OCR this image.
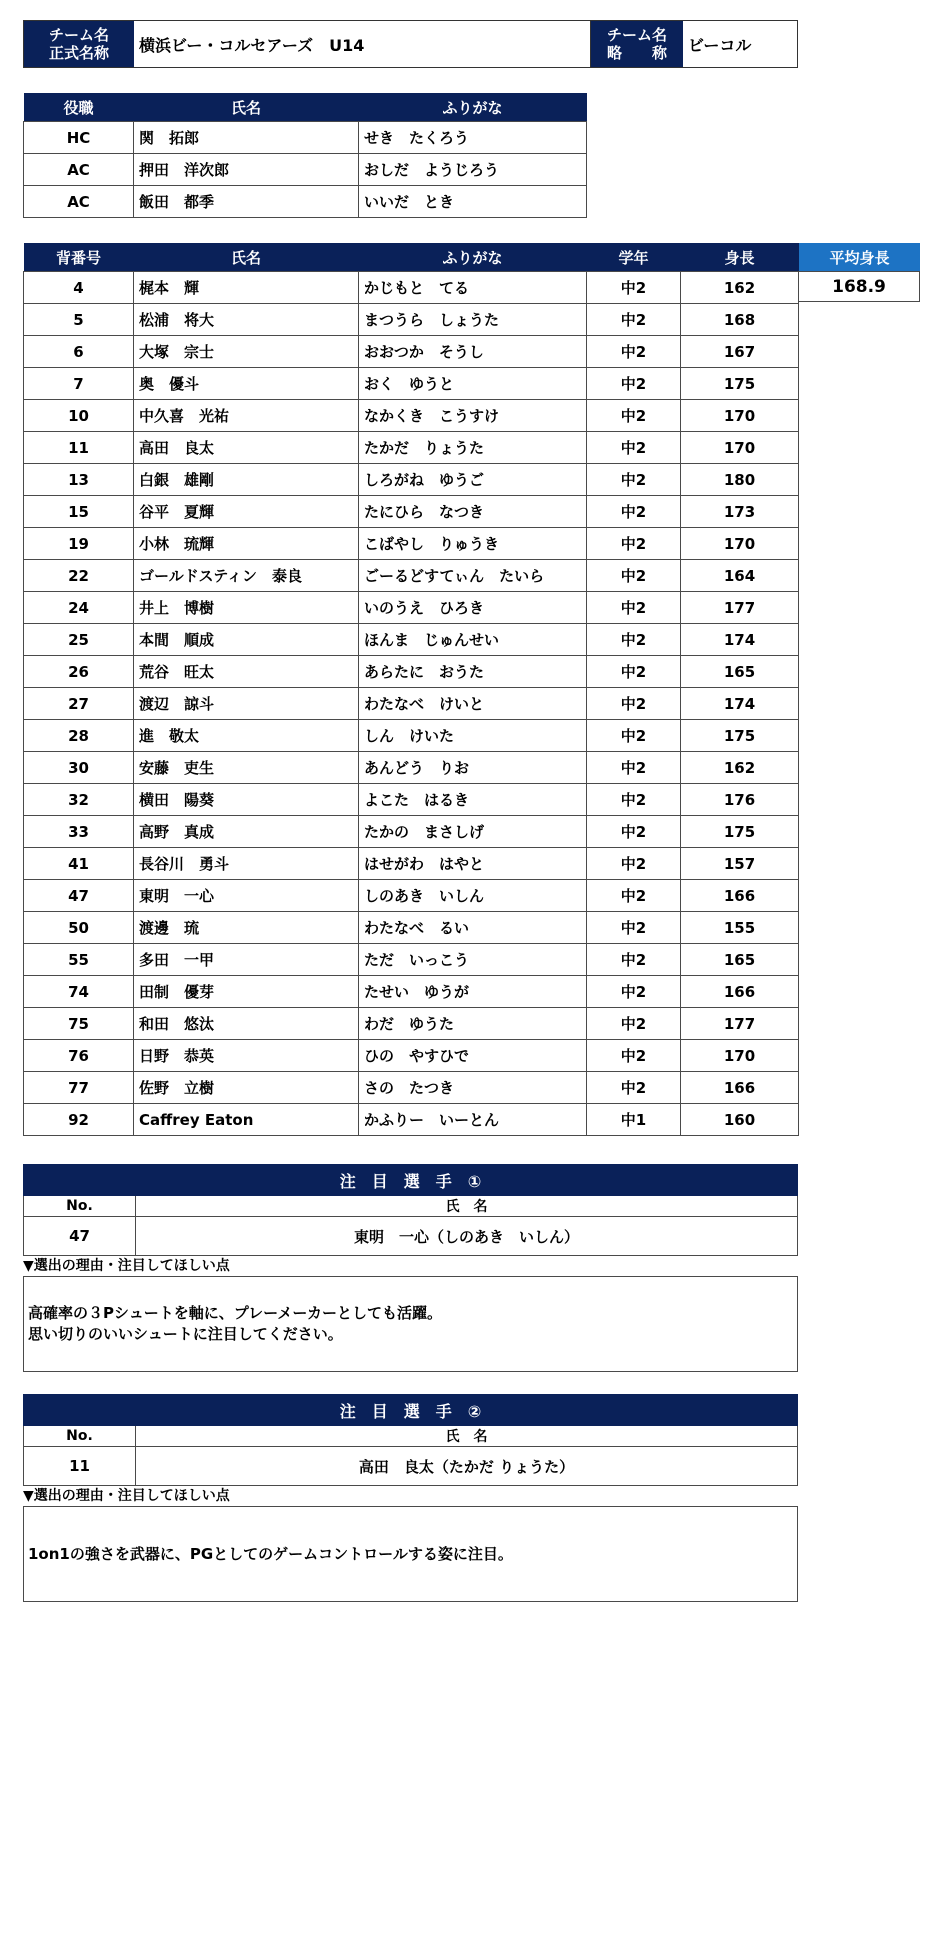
チーム名
正式名称	横浜ビー・コルセアーズ　U14
チーム名
略　　称	ビーコル
役職	氏名	ふりがな
HC	関　拓郎	せき　たくろう
AC	押田　洋次郎	おしだ　ようじろう
AC	飯田　都季	いいだ　とき
背番号	氏名	ふりがな	学年	身長
4	梶本　輝	かじもと　てる	中2	162
5	松浦　将大	まつうら　しょうた	中2	168
6	大塚　宗士	おおつか　そうし	中2	167
7	奥　優斗	おく　ゆうと	中2	175
10	中久喜　光祐	なかくき　こうすけ	中2	170
11	高田　良太	たかだ　りょうた	中2	170
13	白銀　雄剛	しろがね　ゆうご	中2	180
15	谷平　夏輝	たにひら　なつき	中2	173
19	小林　琉輝	こばやし　りゅうき	中2	170
22	ゴールドスティン　泰良	ごーるどすてぃん　たいら	中2	164
24	井上　博樹	いのうえ　ひろき	中2	177
25	本間　順成	ほんま　じゅんせい	中2	174
26	荒谷　旺太	あらたに　おうた	中2	165
27	渡辺　諒斗	わたなべ　けいと	中2	174
28	進　敬太	しん　けいた	中2	175
30	安藤　吏生	あんどう　りお	中2	162
32	横田　陽葵	よこた　はるき	中2	176
33	高野　真成	たかの　まさしげ	中2	175
41	長谷川　勇斗	はせがわ　はやと	中2	157
47	東明　一心	しのあき　いしん	中2	166
50	渡邊　琉	わたなべ　るい	中2	155
55	多田　一甲	ただ　いっこう	中2	165
74	田制　優芽	たせい　ゆうが	中2	166
75	和田　悠汰	わだ　ゆうた	中2	177
76	日野　恭英	ひの　やすひで	中2	170
77	佐野　立樹	さの　たつき	中2	166
92	Caffrey Eaton	かふりー　いーとん	中1	160
平均身長
168.9
注　目　選　手　①
No.	氏　名
47	東明　一心（しのあき　いしん）
▼選出の理由・注目してほしい点
高確率の３Pシュートを軸に、プレーメーカーとしても活躍。
思い切りのいいシュートに注目してください。
注　目　選　手　②
No.	氏　名
11	高田　良太（たかだ りょうた）
▼選出の理由・注目してほしい点
1on1の強さを武器に、PGとしてのゲームコントロールする姿に注目。
